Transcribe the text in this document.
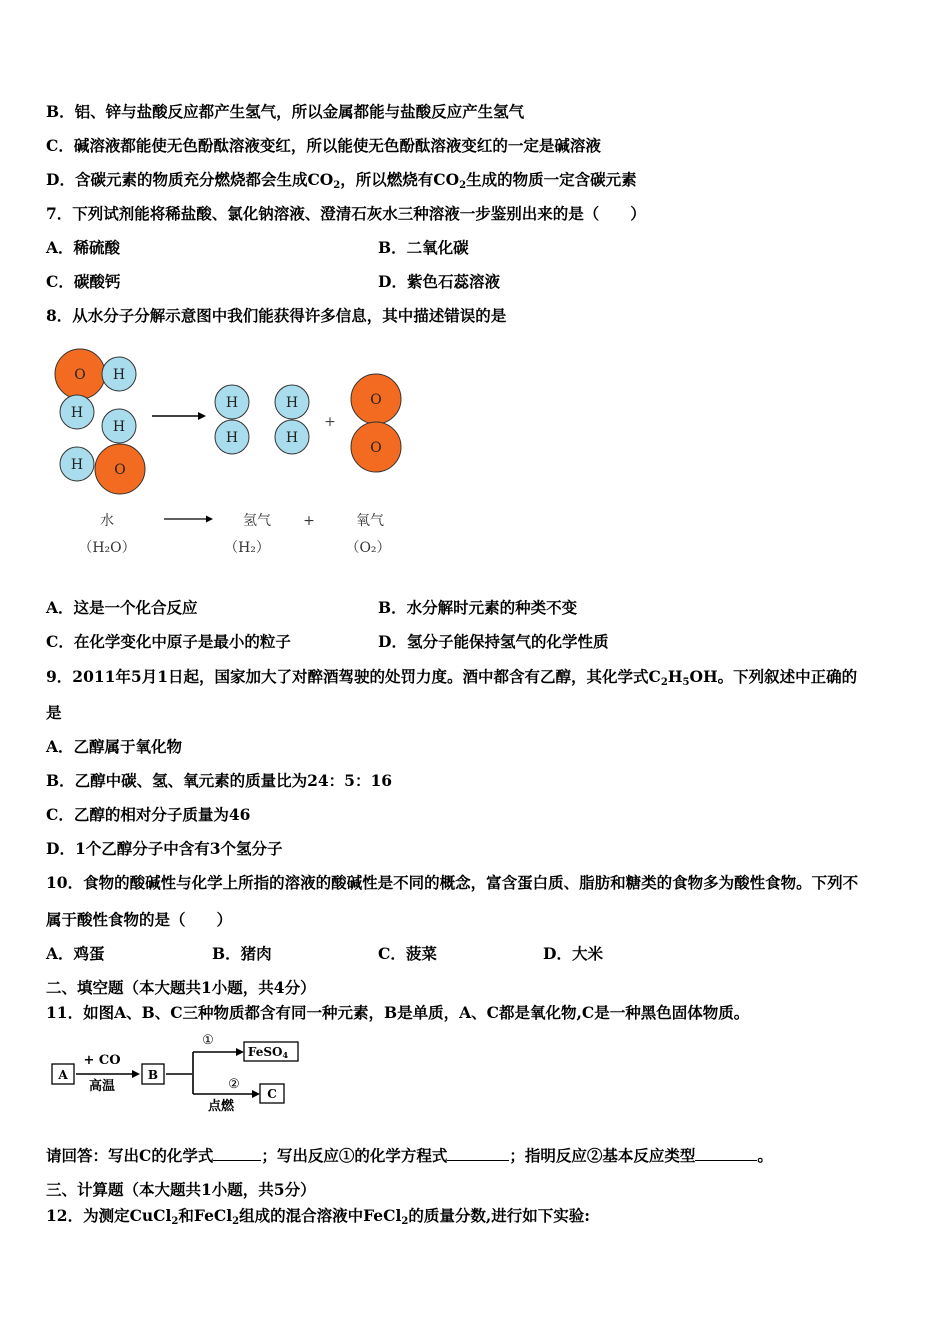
B．铝、锌与盐酸反应都产生氢气，所以金属都能与盐酸反应产生氢气
C．碱溶液都能使无色酚酞溶液变红，所以能使无色酚酞溶液变红的一定是碱溶液
D．含碳元素的物质充分燃烧都会生成$CO_2$，所以燃烧有$CO_2$生成的物质一定含碳元素
7．下列试剂能将稀盐酸、氯化钠溶液、澄清石灰水三种溶液一步鉴别出来的是（　　）
A．稀硫酸	B．二氧化碳
C．碳酸钙	D．紫色石蕊溶液
8．从水分子分解示意图中我们能获得许多信息，其中描述错误的是
O H
H
H
H O
H
H
H
H
+
O
O
水	氢气 +	氧气
（H₂O）	（H₂）	（O₂）
A．这是一个化合反应	B．水分解时元素的种类不变
C．在化学变化中原子是最小的粒子	D．氢分子能保持氢气的化学性质
9．2011年5月1日起，国家加大了对醉酒驾驶的处罚力度。酒中都含有乙醇，其化学式$C_2H_5OH$。下列叙述中正确的
是
A．乙醇属于氧化物
B．乙醇中碳、氢、氧元素的质量比为24：5：16
C．乙醇的相对分子质量为46
D．1个乙醇分子中含有3个氢分子
10．食物的酸碱性与化学上所指的溶液的酸碱性是不同的概念，富含蛋白质、脂肪和糖类的食物多为酸性食物。下列不
属于酸性食物的是（　　）
A．鸡蛋	B．猪肉	C．菠菜	D．大米
二、填空题（本大题共1小题，共4分）
11．如图A、B、C三种物质都含有同一种元素，B是单质，A、C都是氧化物,C是一种黑色固体物质。
A	B
C
FeSO4
+ CO
高温
点燃
①
②
请回答：写出C的化学式	；写出反应①的化学方程式	；指明反应②基本反应类型	。
三、计算题（本大题共1小题，共5分）
12．为测定CuCl$_2$和FeCl$_2$组成的混合溶液中FeCl$_2$的质量分数,进行如下实验:
